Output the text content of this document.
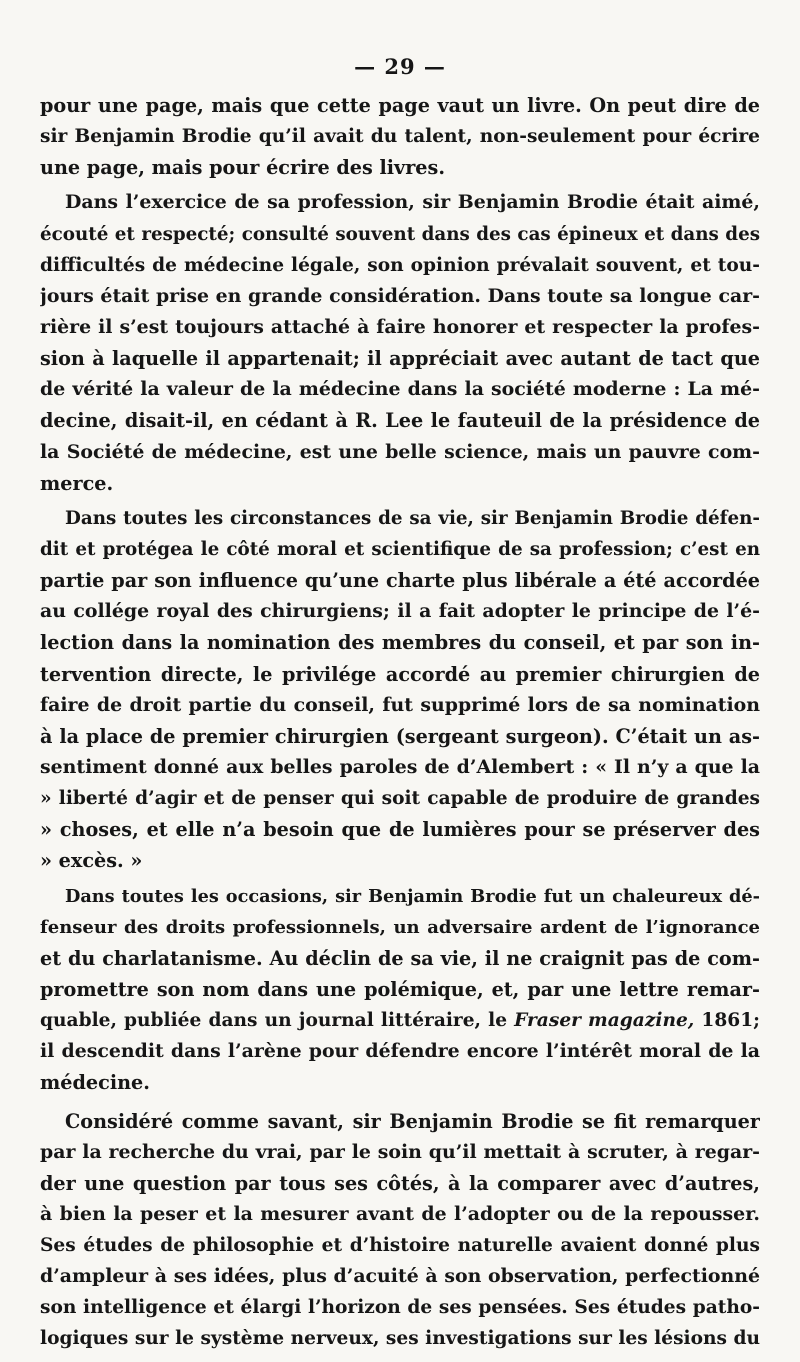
— 29 —
pour une page, mais que cette page vaut un livre. On peut dire de
sir Benjamin Brodie qu’il avait du talent, non-seulement pour écrire
une page, mais pour écrire des livres.
Dans l’exercice de sa profession, sir Benjamin Brodie était aimé,
écouté et respecté; consulté souvent dans des cas épineux et dans des
difficultés de médecine légale, son opinion prévalait souvent, et tou-
jours était prise en grande considération. Dans toute sa longue car-
rière il s’est toujours attaché à faire honorer et respecter la profes-
sion à laquelle il appartenait; il appréciait avec autant de tact que
de vérité la valeur de la médecine dans la société moderne : La mé-
decine, disait-il, en cédant à R. Lee le fauteuil de la présidence de
la Société de médecine, est une belle science, mais un pauvre com-
merce.
Dans toutes les circonstances de sa vie, sir Benjamin Brodie défen-
dit et protégea le côté moral et scientifique de sa profession; c’est en
partie par son influence qu’une charte plus libérale a été accordée
au collége royal des chirurgiens; il a fait adopter le principe de l’é-
lection dans la nomination des membres du conseil, et par son in-
tervention directe, le privilége accordé au premier chirurgien de
faire de droit partie du conseil, fut supprimé lors de sa nomination
à la place de premier chirurgien (sergeant surgeon). C’était un as-
sentiment donné aux belles paroles de d’Alembert : « Il n’y a que la
» liberté d’agir et de penser qui soit capable de produire de grandes
» choses, et elle n’a besoin que de lumières pour se préserver des
» excès. »
Dans toutes les occasions, sir Benjamin Brodie fut un chaleureux dé-
fenseur des droits professionnels, un adversaire ardent de l’ignorance
et du charlatanisme. Au déclin de sa vie, il ne craignit pas de com-
promettre son nom dans une polémique, et, par une lettre remar-
quable, publiée dans un journal littéraire, le Fraser magazine, 1861;
il descendit dans l’arène pour défendre encore l’intérêt moral de la
médecine.
Considéré comme savant, sir Benjamin Brodie se fit remarquer
par la recherche du vrai, par le soin qu’il mettait à scruter, à regar-
der une question par tous ses côtés, à la comparer avec d’autres,
à bien la peser et la mesurer avant de l’adopter ou de la repousser.
Ses études de philosophie et d’histoire naturelle avaient donné plus
d’ampleur à ses idées, plus d’acuité à son observation, perfectionné
son intelligence et élargi l’horizon de ses pensées. Ses études patho-
logiques sur le système nerveux, ses investigations sur les lésions du
